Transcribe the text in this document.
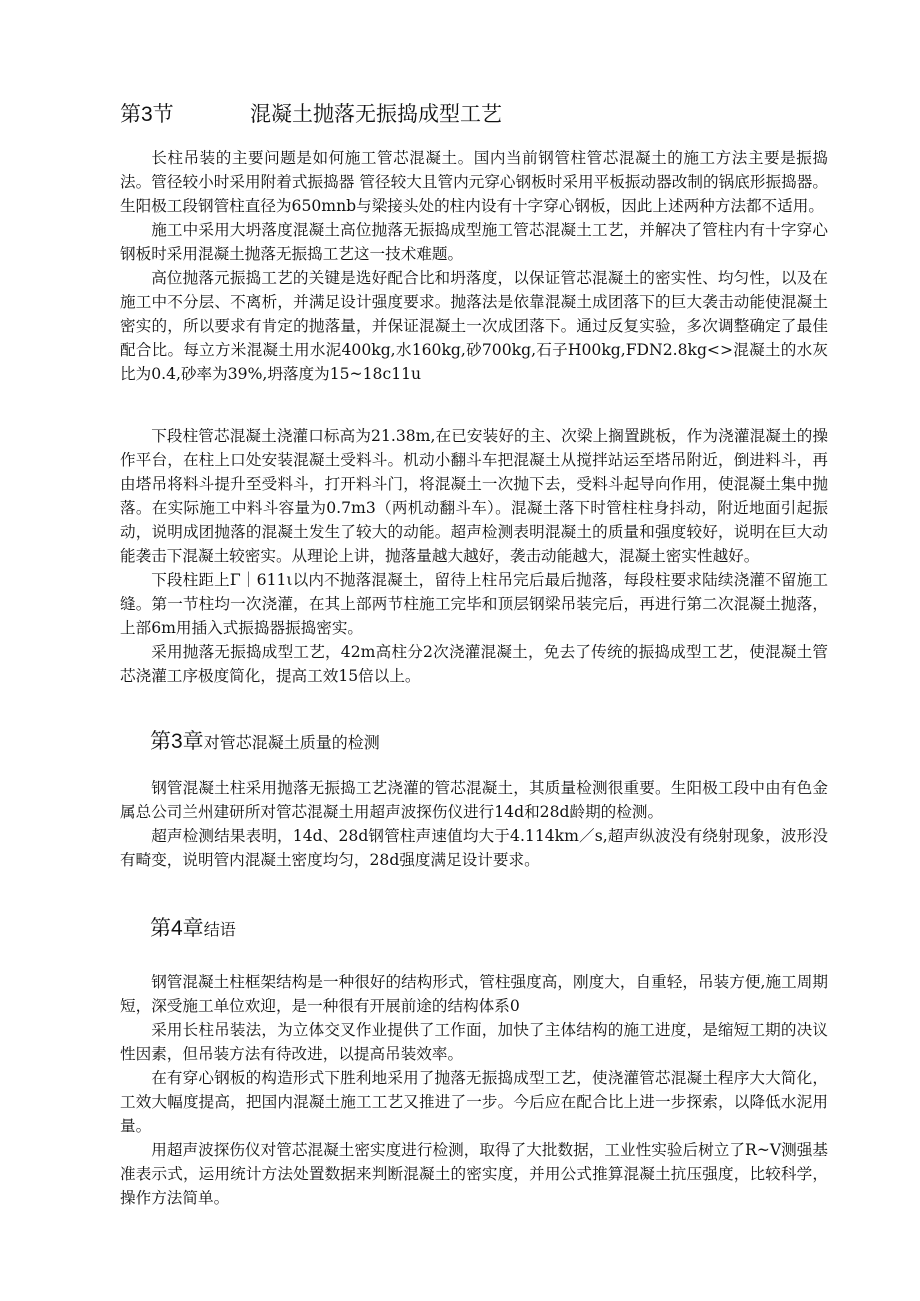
第3节	混凝土抛落无振捣成型工艺

长柱吊装的主要问题是如何施工管芯混凝土。国内当前钢管柱管芯混凝土的施工方法主要是振捣法。管径较小时采用附着式振捣器 管径较大且管内元穿心钢板时采用平板振动器改制的锅底形振捣器。生阳极工段钢管柱直径为650mnb与梁接头处的柱内设有十字穿心钢板，因此上述两种方法都不适用。

施工中采用大坍落度混凝土高位抛落无振捣成型施工管芯混凝土工艺，并解决了管柱内有十字穿心钢板时采用混凝土抛落无振捣工艺这一技术难题。

高位抛落元振捣工艺的关键是选好配合比和坍落度，以保证管芯混凝土的密实性、均匀性，以及在施工中不分层、不离析，并满足设计强度要求。抛落法是依靠混凝土成团落下的巨大袭击动能使混凝土密实的，所以要求有肯定的抛落量，并保证混凝土一次成团落下。通过反复实验，多次调整确定了最佳配合比。每立方米混凝土用水泥400kg,水160kg,砂700kg,石子H00kg,FDN2.8kg<>混凝土的水灰比为0.4,砂率为39%,坍落度为15~18c11u

下段柱管芯混凝土浇灌口标高为21.38m,在已安装好的主、次梁上搁置跳板，作为浇灌混凝土的操作平台，在柱上口处安装混凝土受料斗。机动小翻斗车把混凝土从搅拌站运至塔吊附近，倒进料斗，再由塔吊将料斗提升至受料斗，打开料斗门，将混凝土一次抛下去，受料斗起导向作用，使混凝土集中抛落。在实际施工中料斗容量为0.7m3（两机动翻斗车）。混凝土落下时管柱柱身抖动，附近地面引起振动，说明成团抛落的混凝土发生了较大的动能。超声检测表明混凝土的质量和强度较好，说明在巨大动能袭击下混凝土较密实。从理论上讲，抛落量越大越好，袭击动能越大，混凝土密实性越好。

下段柱距上Γ｜611ι以内不抛落混凝土，留待上柱吊完后最后抛落，每段柱要求陆续浇灌不留施工缝。第一节柱均一次浇灌，在其上部两节柱施工完毕和顶层钢梁吊装完后，再进行第二次混凝土抛落，上部6m用插入式振捣器振捣密实。

采用抛落无振捣成型工艺，42m高柱分2次浇灌混凝土，免去了传统的振捣成型工艺，使混凝土管芯浇灌工序极度简化，提高工效15倍以上。

第3章对管芯混凝土质量的检测

钢管混凝土柱采用抛落无振捣工艺浇灌的管芯混凝土，其质量检测很重要。生阳极工段中由有色金属总公司兰州建研所对管芯混凝土用超声波探伤仪进行14d和28d龄期的检测。

超声检测结果表明，14d、28d钢管柱声速值均大于4.114km／s,超声纵波没有绕射现象，波形没有畸变，说明管内混凝土密度均匀，28d强度满足设计要求。

第4章结语

钢管混凝土柱框架结构是一种很好的结构形式，管柱强度高，刚度大，自重轻，吊装方便,施工周期短，深受施工单位欢迎，是一种很有开展前途的结构体系0

采用长柱吊装法，为立体交叉作业提供了工作面，加快了主体结构的施工进度，是缩短工期的决议性因素，但吊装方法有待改进，以提高吊装效率。

在有穿心钢板的构造形式下胜利地采用了抛落无振捣成型工艺，使浇灌管芯混凝土程序大大简化，工效大幅度提高，把国内混凝土施工工艺又推进了一步。今后应在配合比上进一步探索，以降低水泥用量。

用超声波探伤仪对管芯混凝土密实度进行检测，取得了大批数据，工业性实验后树立了R~V测强基准表示式，运用统计方法处置数据来判断混凝土的密实度，并用公式推算混凝土抗压强度，比较科学，操作方法简单。
